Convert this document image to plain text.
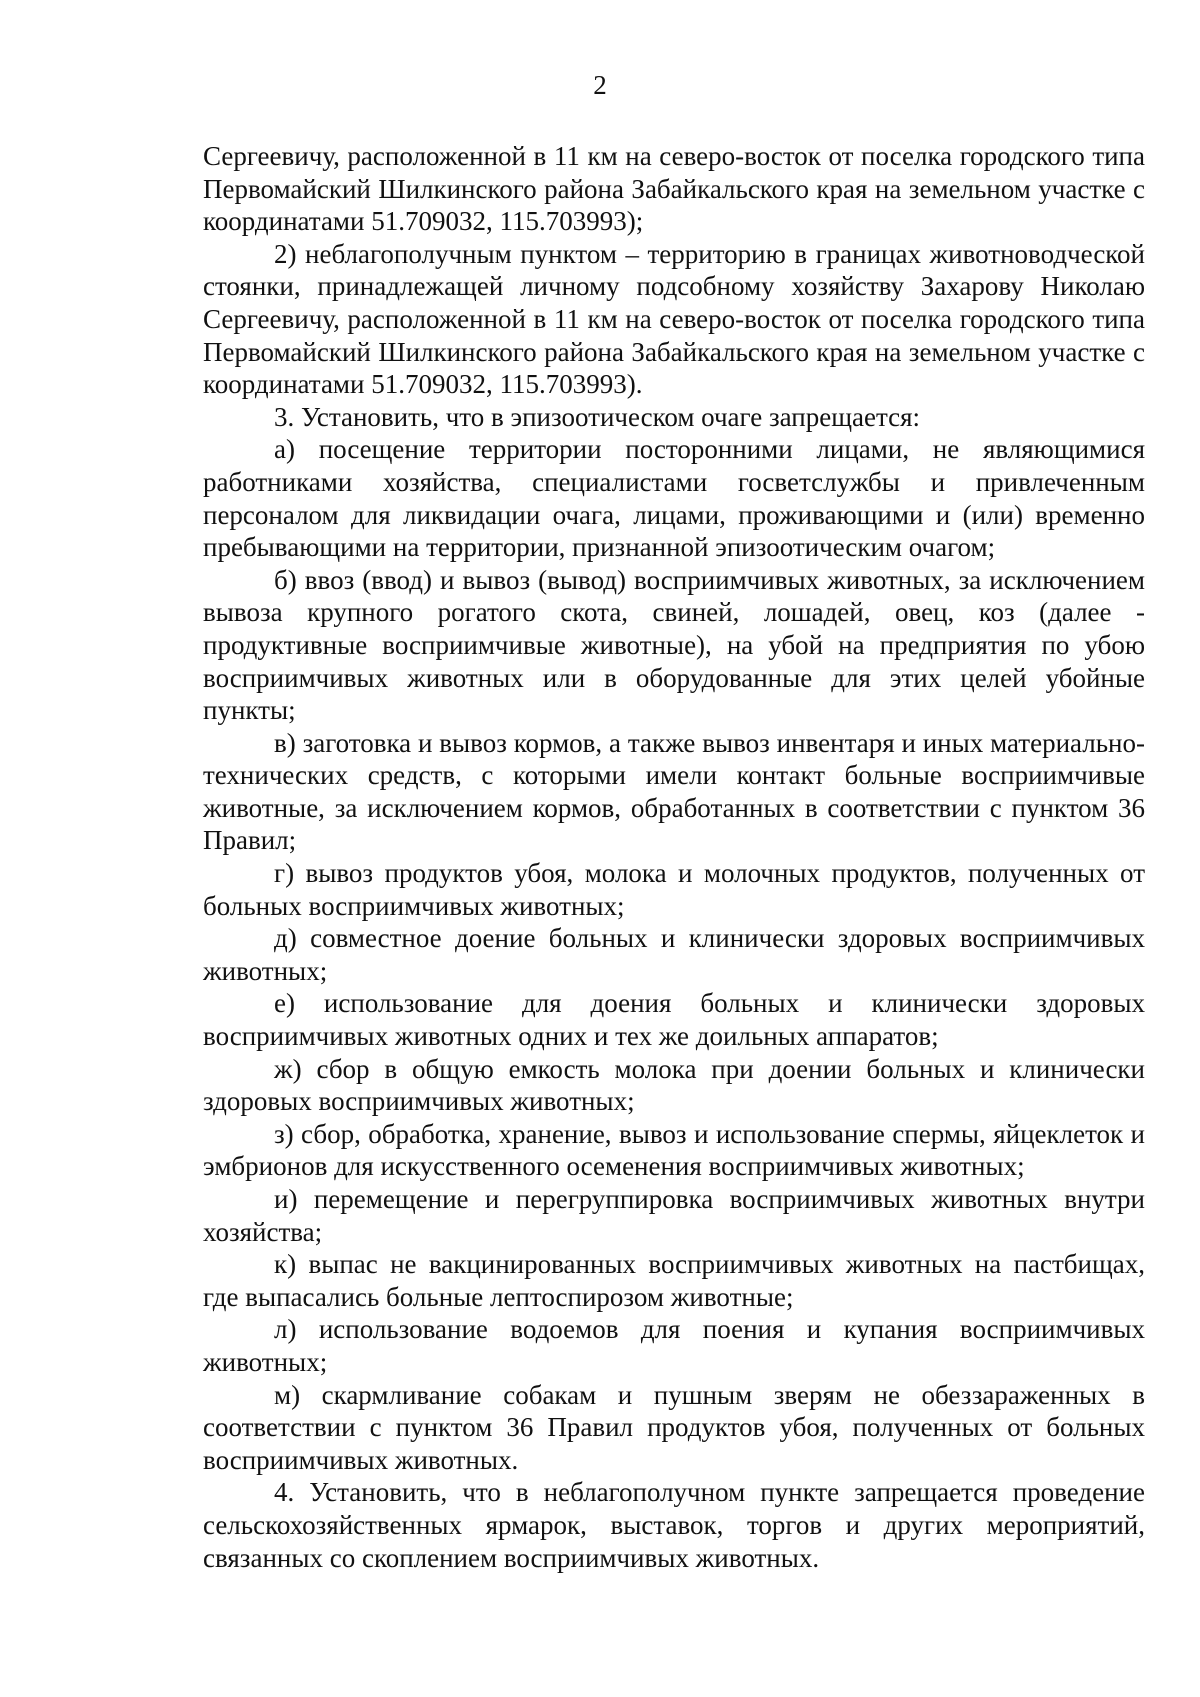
2

Сергеевичу, расположенной в 11 км на северо-восток от поселка городского типа Первомайский Шилкинского района Забайкальского края на земельном участке с координатами 51.709032, 115.703993);

2) неблагополучным пунктом – территорию в границах животноводческой стоянки, принадлежащей личному подсобному хозяйству Захарову Николаю Сергеевичу, расположенной в 11 км на северо-восток от поселка городского типа Первомайский Шилкинского района Забайкальского края на земельном участке с координатами 51.709032, 115.703993).

3. Установить, что в эпизоотическом очаге запрещается:

а) посещение территории посторонними лицами, не являющимися работниками хозяйства, специалистами госветслужбы и привлеченным персоналом для ликвидации очага, лицами, проживающими и (или) временно пребывающими на территории, признанной эпизоотическим очагом;

б) ввоз (ввод) и вывоз (вывод) восприимчивых животных, за исключением вывоза крупного рогатого скота, свиней, лошадей, овец, коз (далее - продуктивные восприимчивые животные), на убой на предприятия по убою восприимчивых животных или в оборудованные для этих целей убойные пункты;

в) заготовка и вывоз кормов, а также вывоз инвентаря и иных материально-технических средств, с которыми имели контакт больные восприимчивые животные, за исключением кормов, обработанных в соответствии с пунктом 36 Правил;

г) вывоз продуктов убоя, молока и молочных продуктов, полученных от больных восприимчивых животных;

д) совместное доение больных и клинически здоровых восприимчивых животных;

е) использование для доения больных и клинически здоровых восприимчивых животных одних и тех же доильных аппаратов;

ж) сбор в общую емкость молока при доении больных и клинически здоровых восприимчивых животных;

з) сбор, обработка, хранение, вывоз и использование спермы, яйцеклеток и эмбрионов для искусственного осеменения восприимчивых животных;

и) перемещение и перегруппировка восприимчивых животных внутри хозяйства;

к) выпас не вакцинированных восприимчивых животных на пастбищах, где выпасались больные лептоспирозом животные;

л) использование водоемов для поения и купания восприимчивых животных;

м) скармливание собакам и пушным зверям не обеззараженных в соответствии с пунктом 36 Правил продуктов убоя, полученных от больных восприимчивых животных.

4. Установить, что в неблагополучном пункте запрещается проведение сельскохозяйственных ярмарок, выставок, торгов и других мероприятий, связанных со скоплением восприимчивых животных.
